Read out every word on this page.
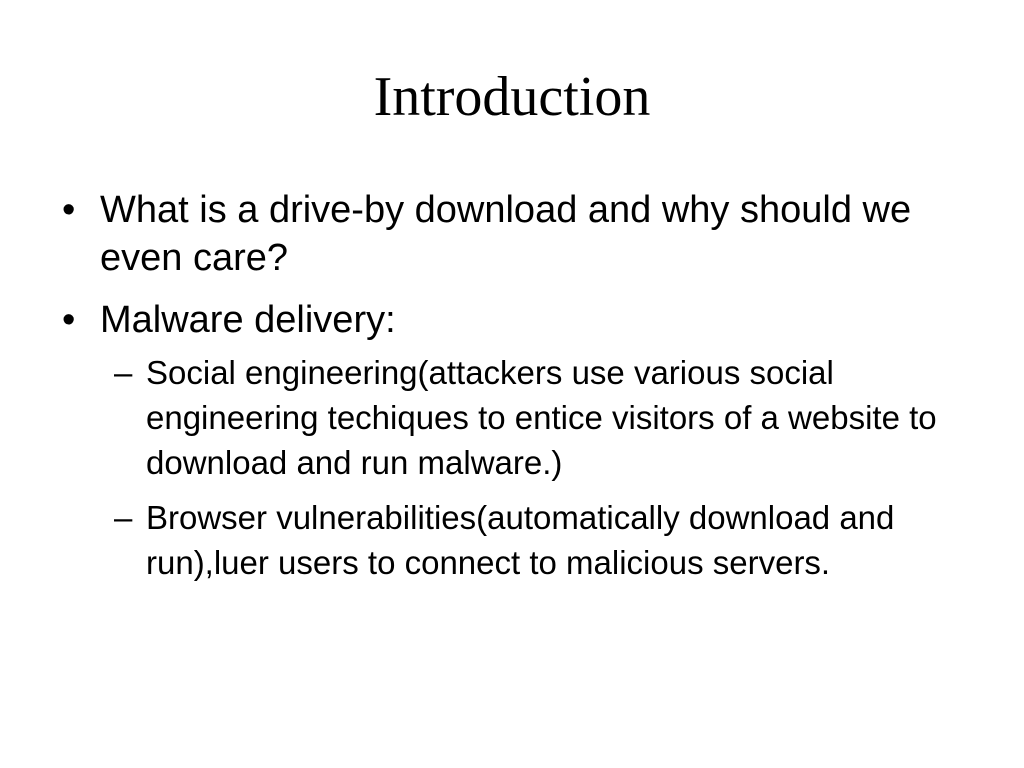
Introduction
• What is a drive-by download and why should we even care?
• Malware delivery:
– Social engineering(attackers use various social engineering techiques to entice visitors of a website to download and run malware.)
– Browser vulnerabilities(automatically download and run),luer users to connect to malicious servers.
